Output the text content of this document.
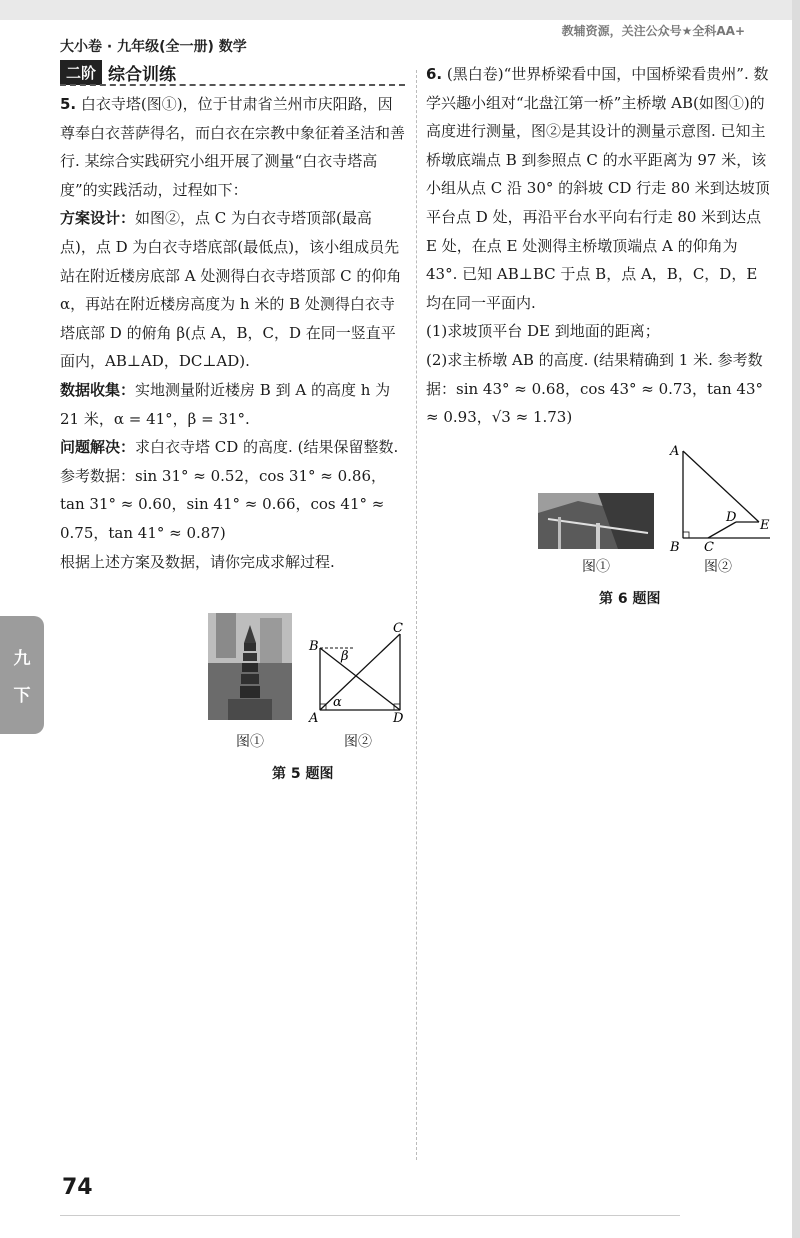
大小卷 · 九年级(全一册) 数学
教辅资源，关注公众号★全科AA+
二阶 综合训练

5. 白衣寺塔(图①)，位于甘肃省兰州市庆阳路，因尊奉白衣菩萨得名，而白衣在宗教中象征着圣洁和善行. 某综合实践研究小组开展了测量“白衣寺塔高度”的实践活动，过程如下：

方案设计：如图②，点 C 为白衣寺塔顶部(最高点)，点 D 为白衣寺塔底部(最低点)，该小组成员先站在附近楼房底部 A 处测得白衣寺塔顶部 C 的仰角 α，再站在附近楼房高度为 h 米的 B 处测得白衣寺塔底部 D 的俯角 β(点 A，B，C，D 在同一竖直平面内，AB⊥AD，DC⊥AD).

数据收集：实地测量附近楼房 B 到 A 的高度 h 为 21 米，α = 41°，β = 31°.

问题解决：求白衣寺塔 CD 的高度. (结果保留整数. 参考数据：sin 31° ≈ 0.52，cos 31° ≈ 0.86，tan 31° ≈ 0.60，sin 41° ≈ 0.66，cos 41° ≈ 0.75，tan 41° ≈ 0.87)

根据上述方案及数据，请你完成求解过程.

B
A
C
D
β
α
图①	图②
第 5 题图

6. (黑白卷)“世界桥梁看中国，中国桥梁看贵州”. 数学兴趣小组对“北盘江第一桥”主桥墩 AB(如图①)的高度进行测量，图②是其设计的测量示意图. 已知主桥墩底端点 B 到参照点 C 的水平距离为 97 米，该小组从点 C 沿 30° 的斜坡 CD 行走 80 米到达坡顶平台点 D 处，再沿平台水平向右行走 80 米到达点 E 处，在点 E 处测得主桥墩顶端点 A 的仰角为 43°. 已知 AB⊥BC 于点 B，点 A，B，C，D，E 均在同一平面内.

(1)求坡顶平台 DE 到地面的距离；

(2)求主桥墩 AB 的高度. (结果精确到 1 米. 参考数据：sin 43° ≈ 0.68，cos 43° ≈ 0.73，tan 43° ≈ 0.93，√3 ≈ 1.73)

A
B C
D
E
图①	图②
第 6 题图
九
下
74
